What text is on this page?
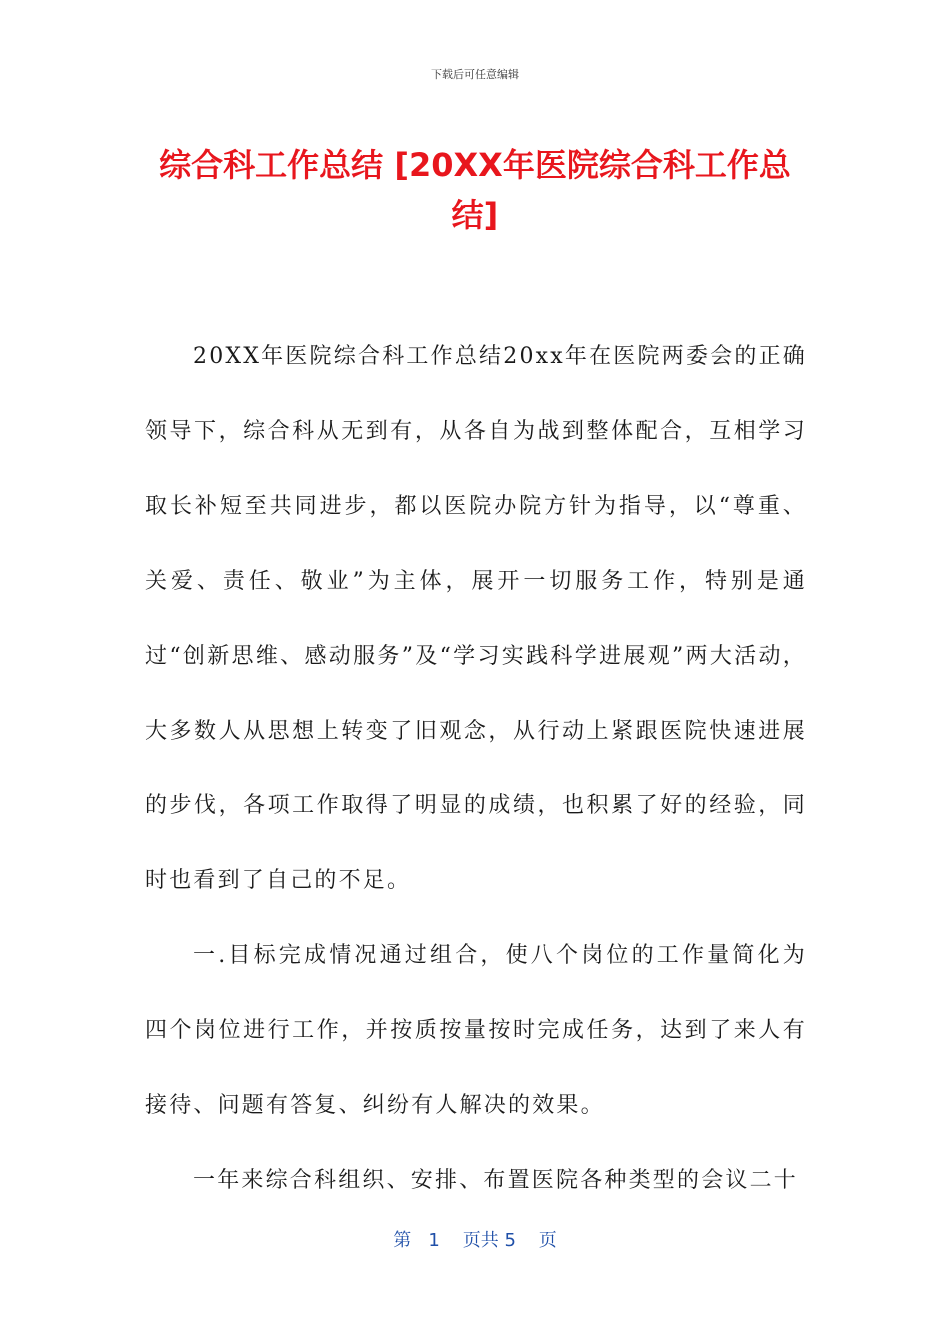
下载后可任意编辑
综合科工作总结 [20XX年医院综合科工作总结]

20XX年医院综合科工作总结20xx年在医院两委会的正确领导下，综合科从无到有，从各自为战到整体配合，互相学习取长补短至共同进步，都以医院办院方针为指导，以“尊重、关爱、责任、敬业”为主体，展开一切服务工作，特别是通过“创新思维、感动服务”及“学习实践科学进展观”两大活动，大多数人从思想上转变了旧观念，从行动上紧跟医院快速进展的步伐，各项工作取得了明显的成绩，也积累了好的经验，同时也看到了自己的不足。

一.目标完成情况通过组合，使八个岗位的工作量简化为四个岗位进行工作，并按质按量按时完成任务，达到了来人有接待、问题有答复、纠纷有人解决的效果。

一年来综合科组织、安排、布置医院各种类型的会议二十

第 1 页共 5 页
